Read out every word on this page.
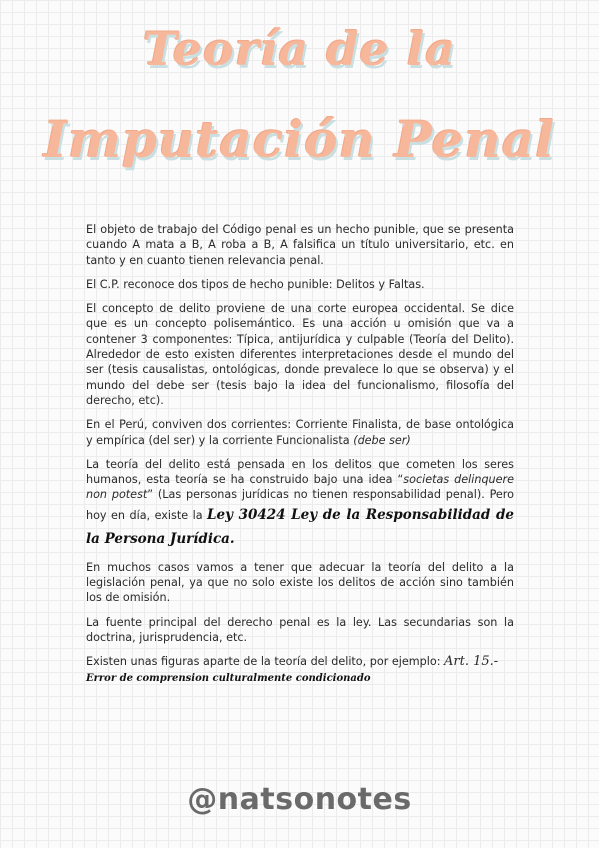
Teoría de la
Imputación Penal

El objeto de trabajo del Código penal es un hecho punible, que se presenta cuando A mata a B, A roba a B, A falsifica un título universitario, etc. en tanto y en cuanto tienen relevancia penal.

El C.P. reconoce dos tipos de hecho punible: Delitos y Faltas.

El concepto de delito proviene de una corte europea occidental. Se dice que es un concepto polisemántico. Es una acción u omisión que va a contener 3 componentes: Típica, antijurídica y culpable (Teoría del Delito). Alrededor de esto existen diferentes interpretaciones desde el mundo del ser (tesis causalistas, ontológicas, donde prevalece lo que se observa) y el mundo del debe ser (tesis bajo la idea del funcionalismo, filosofía del derecho, etc).

En el Perú, conviven dos corrientes: Corriente Finalista, de base ontológica y empírica (del ser) y la corriente Funcionalista (debe ser)

La teoría del delito está pensada en los delitos que cometen los seres humanos, esta teoría se ha construido bajo una idea “societas delinquere non potest” (Las personas jurídicas no tienen responsabilidad penal). Pero hoy en día, existe la Ley 30424 Ley de la Responsabilidad de la Persona Jurídica.

En muchos casos vamos a tener que adecuar la teoría del delito a la legislación penal, ya que no solo existe los delitos de acción sino también los de omisión.

La fuente principal del derecho penal es la ley. Las secundarias son la doctrina, jurisprudencia, etc.

Existen unas figuras aparte de la teoría del delito, por ejemplo: Art. 15.-
Error de comprension culturalmente condicionado

@natsonotes
